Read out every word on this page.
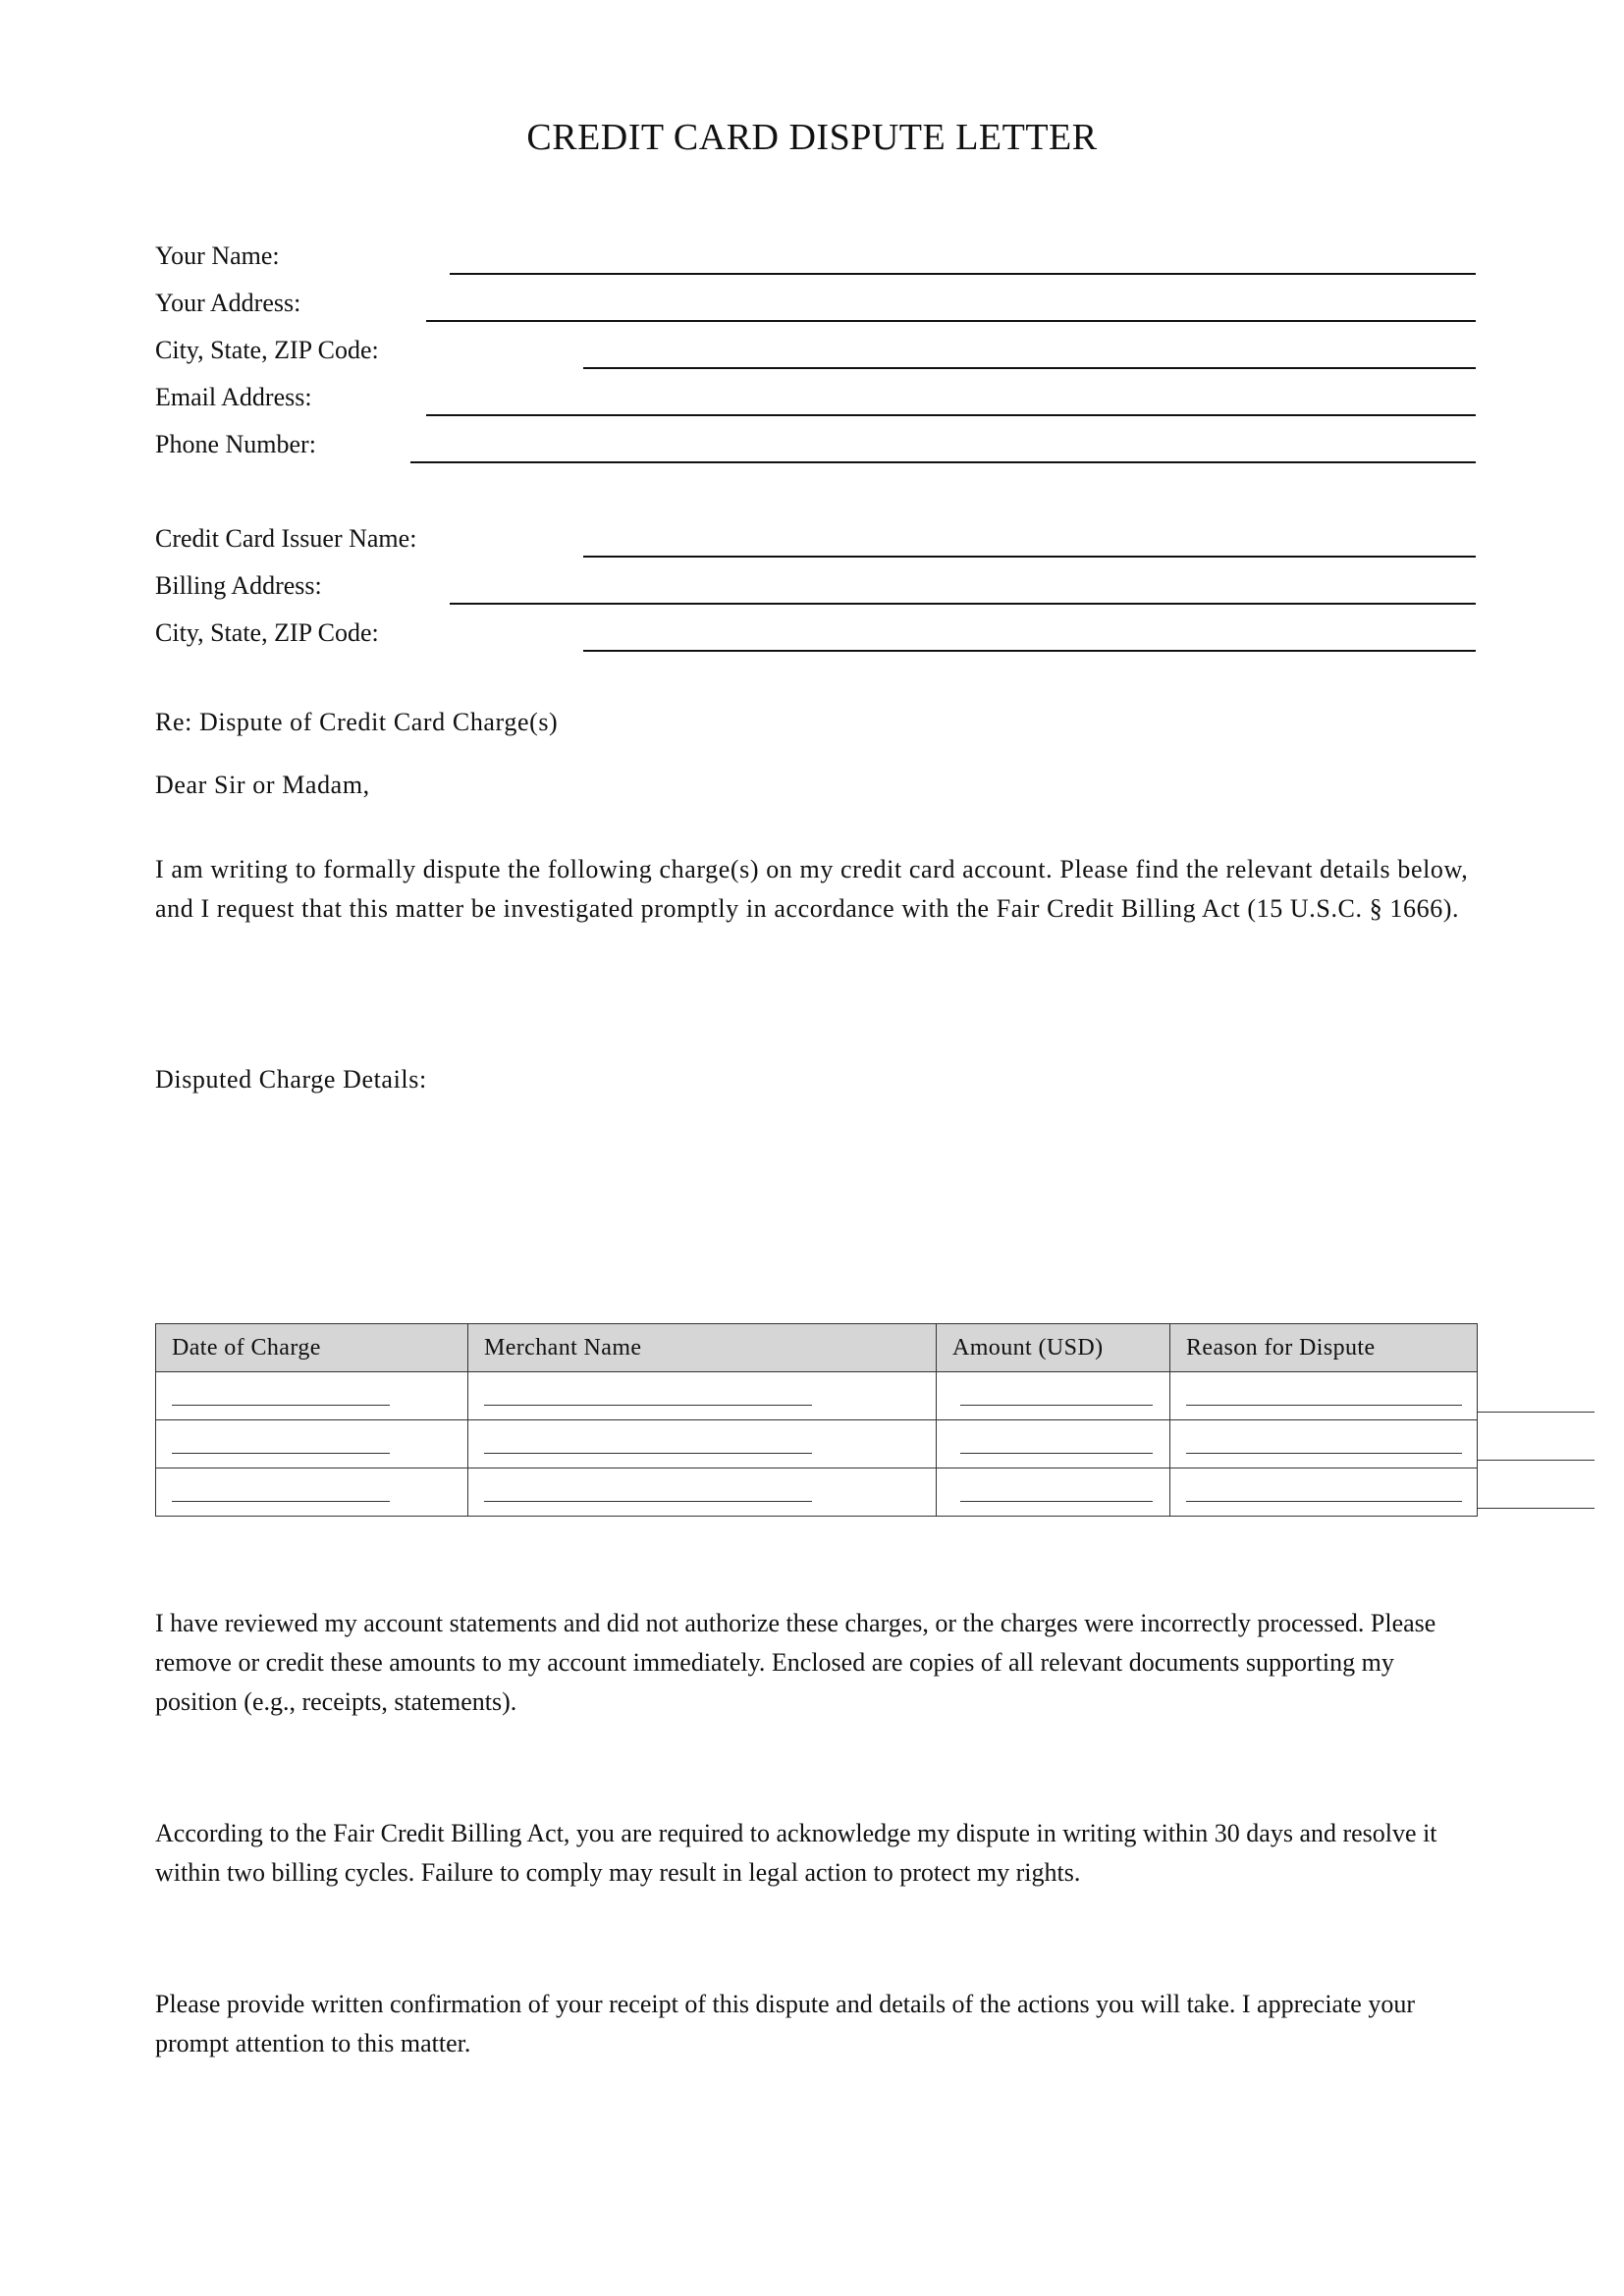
CREDIT CARD DISPUTE LETTER
Your Name:
Your Address:
City, State, ZIP Code:
Email Address:
Phone Number:
Credit Card Issuer Name:
Billing Address:
City, State, ZIP Code:
Re: Dispute of Credit Card Charge(s)
Dear Sir or Madam,
I am writing to formally dispute the following charge(s) on my credit card account. Please find the relevant details below, and I request that this matter be investigated promptly in accordance with the Fair Credit Billing Act (15 U.S.C. § 1666).
Disputed Charge Details:
Date of Charge	Merchant Name	Amount (USD)	Reason for Dispute

I have reviewed my account statements and did not authorize these charges, or the charges were incorrectly processed. Please remove or credit these amounts to my account immediately. Enclosed are copies of all relevant documents supporting my position (e.g., receipts, statements).
According to the Fair Credit Billing Act, you are required to acknowledge my dispute in writing within 30 days and resolve it within two billing cycles. Failure to comply may result in legal action to protect my rights.
Please provide written confirmation of your receipt of this dispute and details of the actions you will take. I appreciate your prompt attention to this matter.
